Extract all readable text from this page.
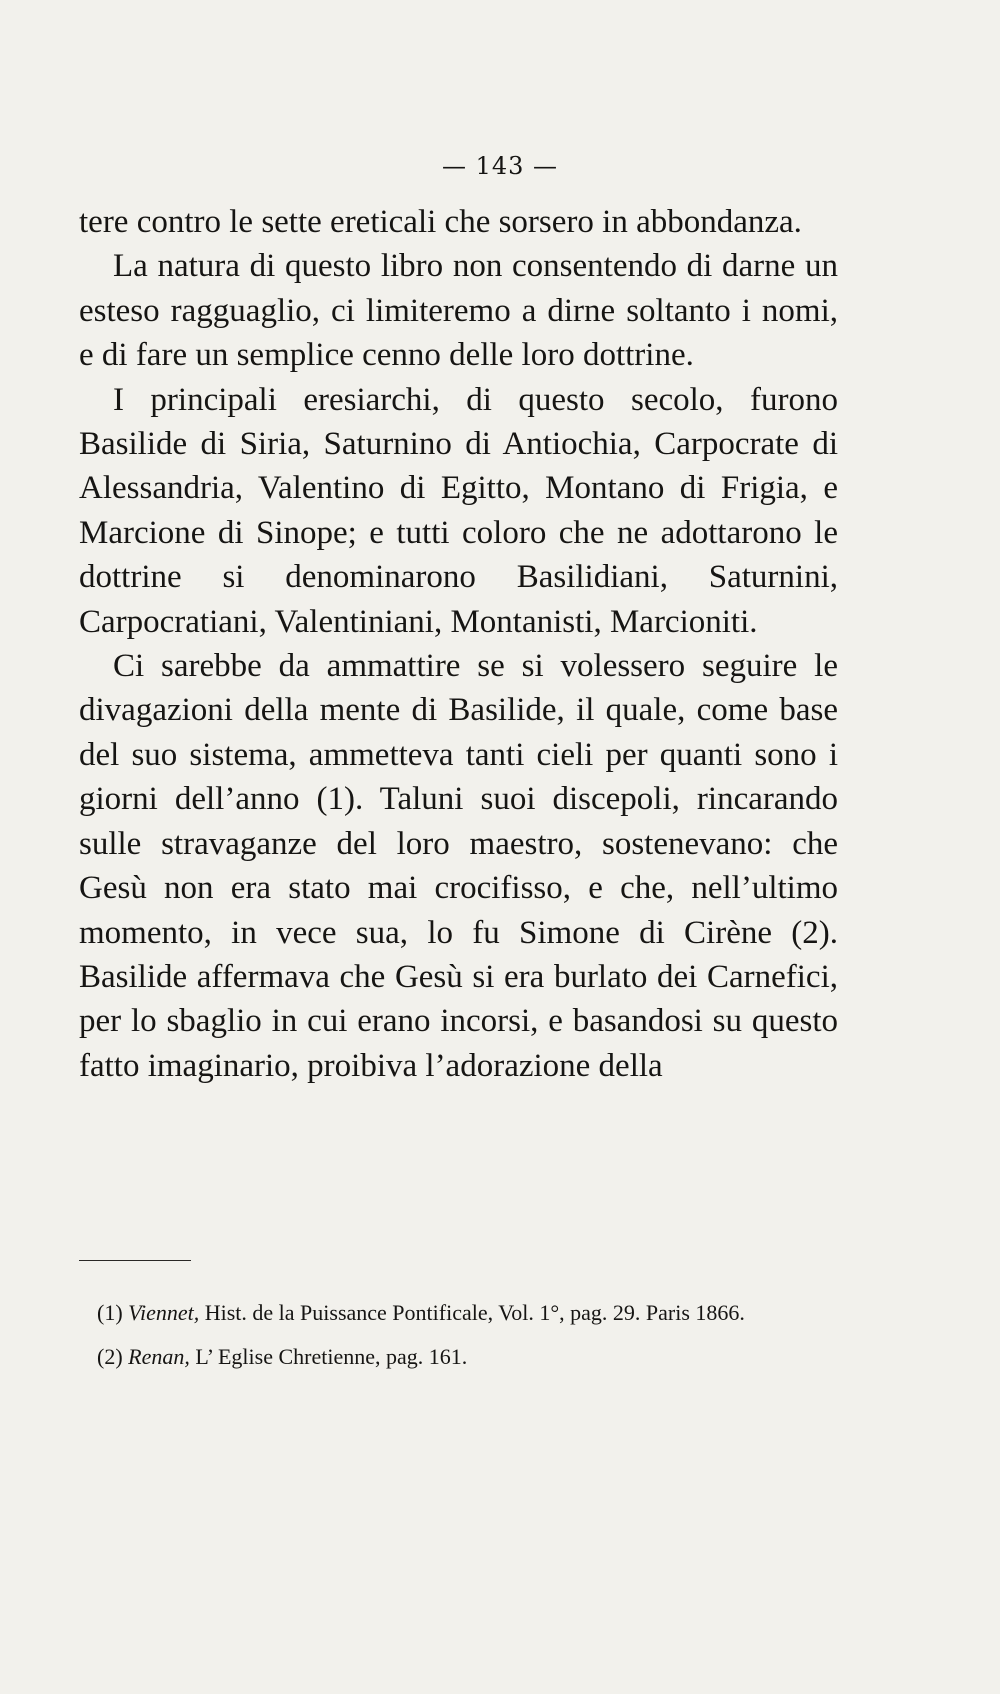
— 143 —

tere contro le sette ereticali che sorsero in abbondanza.

La natura di questo libro non consentendo di darne un esteso ragguaglio, ci limiteremo a dirne soltanto i nomi, e di fare un semplice cenno delle loro dottrine.

I principali eresiarchi, di questo secolo, furono Basilide di Siria, Saturnino di Antiochia, Carpocrate di Alessandria, Valentino di Egitto, Montano di Frigia, e Marcione di Sinope; e tutti coloro che ne adottarono le dottrine si denominarono Basilidiani, Saturnini, Carpocratiani, Valentiniani, Montanisti, Marcioniti.

Ci sarebbe da ammattire se si volessero seguire le divagazioni della mente di Basilide, il quale, come base del suo sistema, ammetteva tanti cieli per quanti sono i giorni dell’anno (1). Taluni suoi discepoli, rincarando sulle stravaganze del loro maestro, sostenevano: che Gesù non era stato mai crocifisso, e che, nell’ultimo momento, in vece sua, lo fu Simone di Cirène (2). Basilide affermava che Gesù si era burlato dei Carnefici, per lo sbaglio in cui erano incorsi, e basandosi su questo fatto imaginario, proibiva l’adorazione della

(1) Viennet, Hist. de la Puissance Pontificale, Vol. 1°, pag. 29. Paris 1866.

(2) Renan, L’ Eglise Chretienne, pag. 161.
